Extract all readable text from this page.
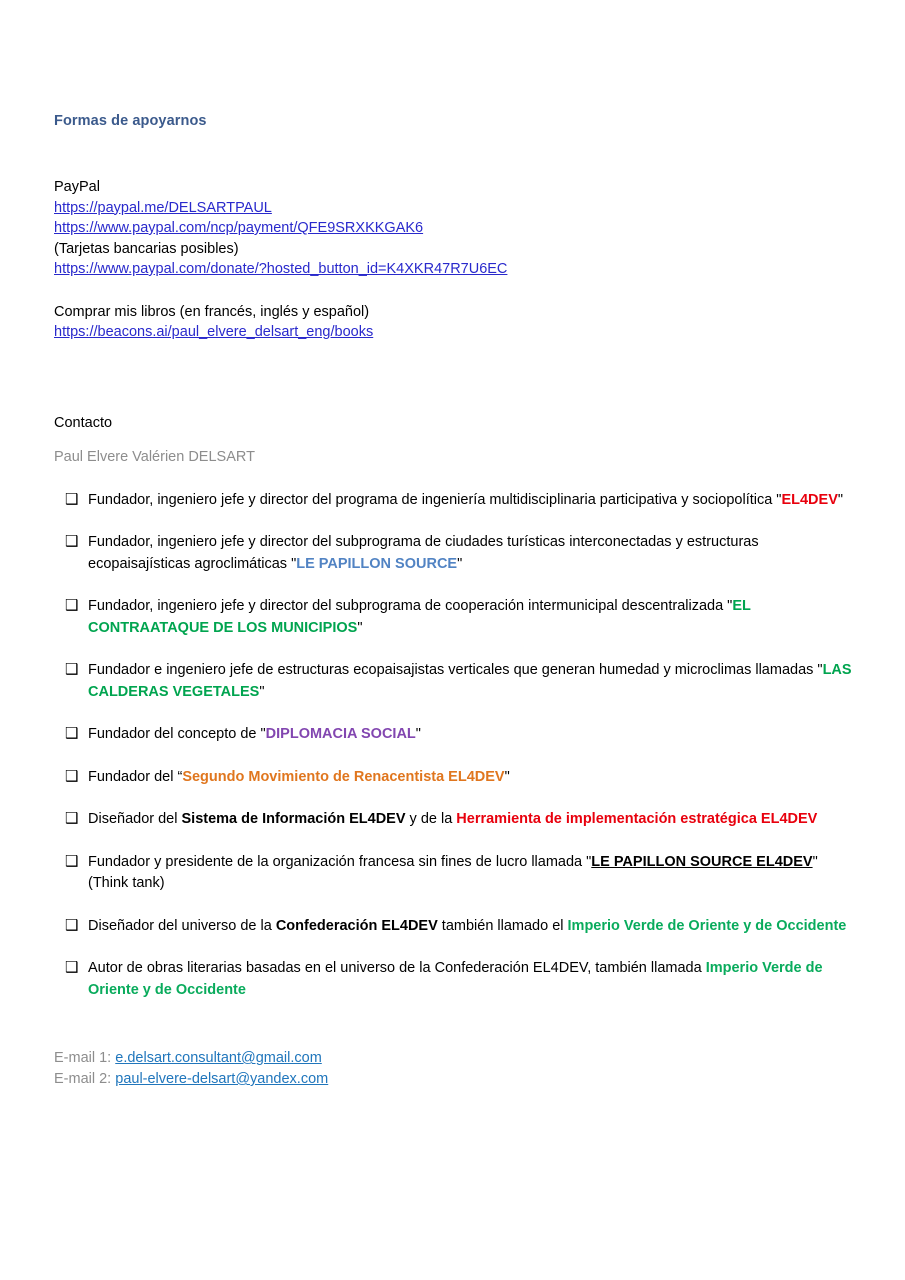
Formas de apoyarnos
PayPal
https://paypal.me/DELSARTPAUL
https://www.paypal.com/ncp/payment/QFE9SRXKKGAK6
(Tarjetas bancarias posibles)
https://www.paypal.com/donate/?hosted_button_id=K4XKR47R7U6EC
Comprar mis libros (en francés, inglés y español)
https://beacons.ai/paul_elvere_delsart_eng/books
Contacto
Paul Elvere Valérien DELSART
❑ Fundador, ingeniero jefe y director del programa de ingeniería multidisciplinaria participativa y sociopolítica "EL4DEV"
❑ Fundador, ingeniero jefe y director del subprograma de ciudades turísticas interconectadas y estructuras ecopaisajísticas agroclimáticas "LE PAPILLON SOURCE"
❑ Fundador, ingeniero jefe y director del subprograma de cooperación intermunicipal descentralizada "EL CONTRAATAQUE DE LOS MUNICIPIOS"
❑ Fundador e ingeniero jefe de estructuras ecopaisajistas verticales que generan humedad y microclimas llamadas "LAS CALDERAS VEGETALES"
❑ Fundador del concepto de "DIPLOMACIA SOCIAL"
❑ Fundador del “Segundo Movimiento de Renacentista EL4DEV"
❑ Diseñador del Sistema de Información EL4DEV y de la Herramienta de implementación estratégica EL4DEV
❑ Fundador y presidente de la organización francesa sin fines de lucro llamada "LE PAPILLON SOURCE EL4DEV" (Think tank)
❑ Diseñador del universo de la Confederación EL4DEV también llamado el Imperio Verde de Oriente y de Occidente
❑ Autor de obras literarias basadas en el universo de la Confederación EL4DEV, también llamada Imperio Verde de Oriente y de Occidente
E-mail 1: e.delsart.consultant@gmail.com
E-mail 2: paul-elvere-delsart@yandex.com
